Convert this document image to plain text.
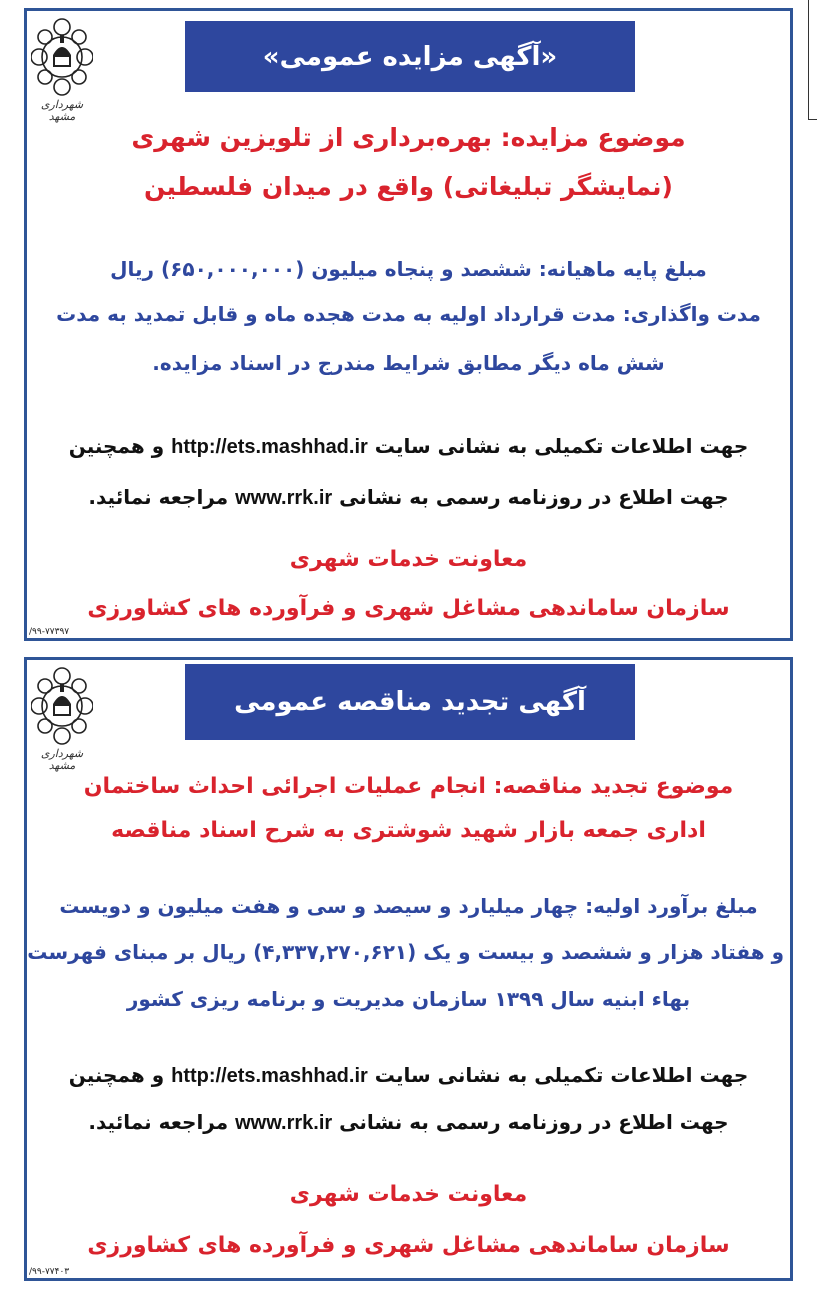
«آگهی مزایده عمومی»
شهرداری مشهد
موضوع مزایده: بهره‌برداری از تلویزین شهری
(نمایشگر تبلیغاتی) واقع در میدان فلسطین
مبلغ پایه ماهیانه: ششصد و پنجاه میلیون (۶۵۰,۰۰۰,۰۰۰) ریال
مدت واگذاری: مدت قرارداد اولیه به مدت هجده ماه و قابل تمدید به مدت
شش ماه دیگر مطابق شرایط مندرج در اسناد مزایده.
جهت اطلاعات تکمیلی به نشانی سایت http://ets.mashhad.ir و همچنین
جهت اطلاع در روزنامه رسمی به نشانی www.rrk.ir مراجعه نمائید.
معاونت خدمات شهری
سازمان ساماندهی مشاغل شهری و فرآورده های کشاورزی
/۹۹-۷۷۳۹۷
آگهی تجدید مناقصه عمومی
شهرداری مشهد
موضوع تجدید مناقصه: انجام عملیات اجرائی احداث ساختمان
اداری جمعه بازار شهید شوشتری به شرح اسناد مناقصه
مبلغ برآورد اولیه: چهار میلیارد و سیصد و سی و هفت میلیون و دویست
و هفتاد هزار و ششصد و بیست و یک (۴,۳۳۷,۲۷۰,۶۲۱) ریال بر مبنای فهرست
بهاء ابنیه سال ۱۳۹۹ سازمان مدیریت و برنامه ریزی کشور
جهت اطلاعات تکمیلی به نشانی سایت http://ets.mashhad.ir و همچنین
جهت اطلاع در روزنامه رسمی به نشانی www.rrk.ir مراجعه نمائید.
معاونت خدمات شهری
سازمان ساماندهی مشاغل شهری و فرآورده های کشاورزی
/۹۹-۷۷۴۰۳
